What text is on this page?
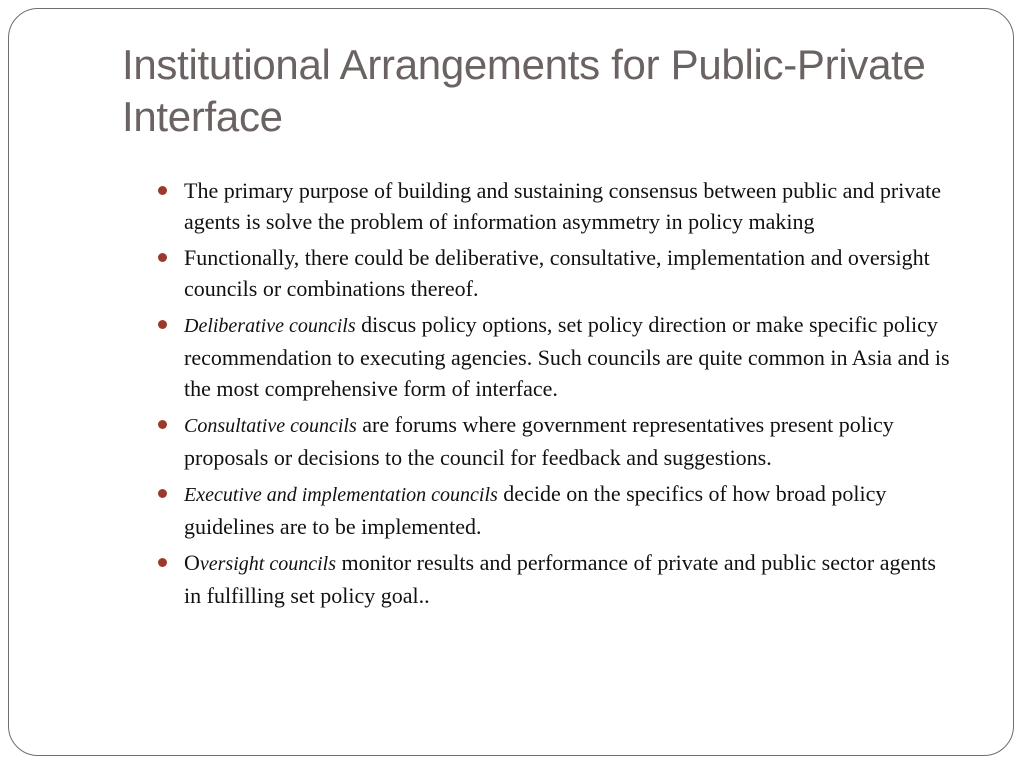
Institutional Arrangements for Public-Private Interface
The primary purpose of building and sustaining consensus between public and private agents is solve the problem of information asymmetry in policy making
Functionally, there could be deliberative, consultative, implementation and oversight councils or combinations thereof.
Deliberative councils discus policy options, set policy direction or make specific policy recommendation to executing agencies. Such councils are quite common in Asia and is the most comprehensive form of interface.
Consultative councils are forums where government representatives present policy proposals or decisions to the council for feedback and suggestions.
Executive and implementation councils decide on the specifics of how broad policy guidelines are to be implemented.
Oversight councils monitor results and performance of private and public sector agents in fulfilling set policy goal..
